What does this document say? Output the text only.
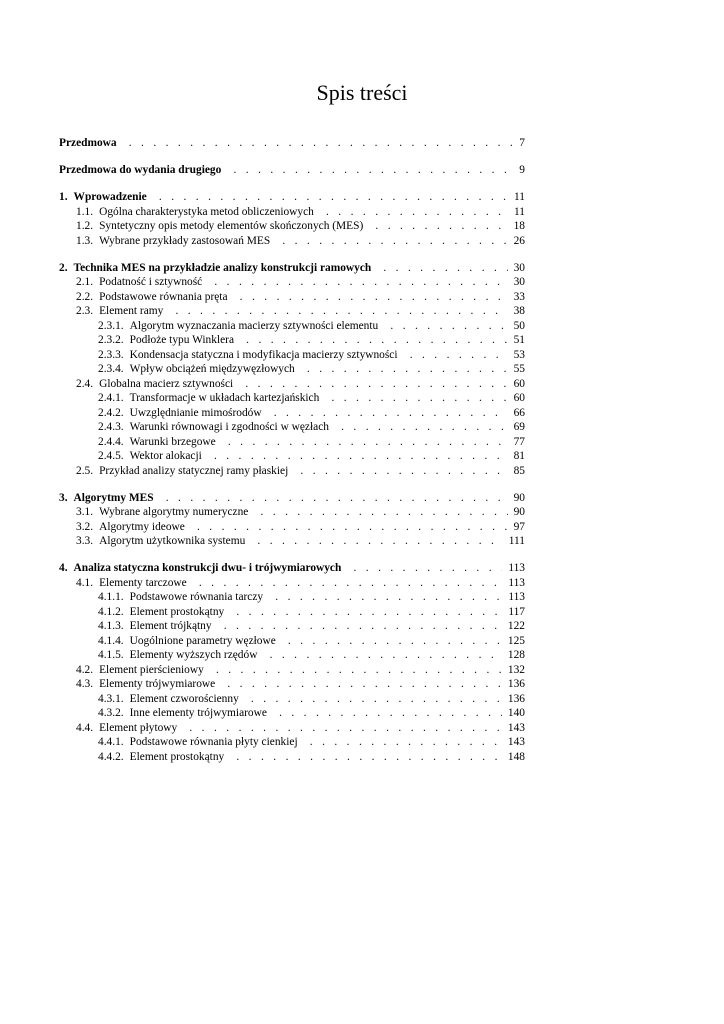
Spis treści
Przedmowa . . .	7
Przedmowa do wydania drugiego . . .	9
1. Wprowadzenie . . .	11
1.1. Ogólna charakterystyka metod obliczeniowych . . .	11
1.2. Syntetyczny opis metody elementów skończonych (MES) . . .	18
1.3. Wybrane przykłady zastosowań MES . . .	26
2. Technika MES na przykładzie analizy konstrukcji ramowych . . .	30
2.1. Podatność i sztywność . . .	30
2.2. Podstawowe równania pręta . . .	33
2.3. Element ramy . . .	38
2.3.1. Algorytm wyznaczania macierzy sztywności elementu . . .	50
2.3.2. Podłoże typu Winklera . . .	51
2.3.3. Kondensacja statyczna i modyfikacja macierzy sztywności . . .	53
2.3.4. Wpływ obciążeń międzywęzłowych . . .	55
2.4. Globalna macierz sztywności . . .	60
2.4.1. Transformacje w układach kartezjańskich . . .	60
2.4.2. Uwzględnianie mimośrodów . . .	66
2.4.3. Warunki równowagi i zgodności w węzłach . . .	69
2.4.4. Warunki brzegowe . . .	77
2.4.5. Wektor alokacji . . .	81
2.5. Przykład analizy statycznej ramy płaskiej . . .	85
3. Algorytmy MES . . .	90
3.1. Wybrane algorytmy numeryczne . . .	90
3.2. Algorytmy ideowe . . .	97
3.3. Algorytm użytkownika systemu . . .	111
4. Analiza statyczna konstrukcji dwu- i trójwymiarowych . . .	113
4.1. Elementy tarczowe . . .	113
4.1.1. Podstawowe równania tarczy . . .	113
4.1.2. Element prostokątny . . .	117
4.1.3. Element trójkątny . . .	122
4.1.4. Uogólnione parametry węzłowe . . .	125
4.1.5. Elementy wyższych rzędów . . .	128
4.2. Element pierścieniowy . . .	132
4.3. Elementy trójwymiarowe . . .	136
4.3.1. Element czworościenny . . .	136
4.3.2. Inne elementy trójwymiarowe . . .	140
4.4. Element płytowy . . .	143
4.4.1. Podstawowe równania płyty cienkiej . . .	143
4.4.2. Element prostokątny . . .	148
